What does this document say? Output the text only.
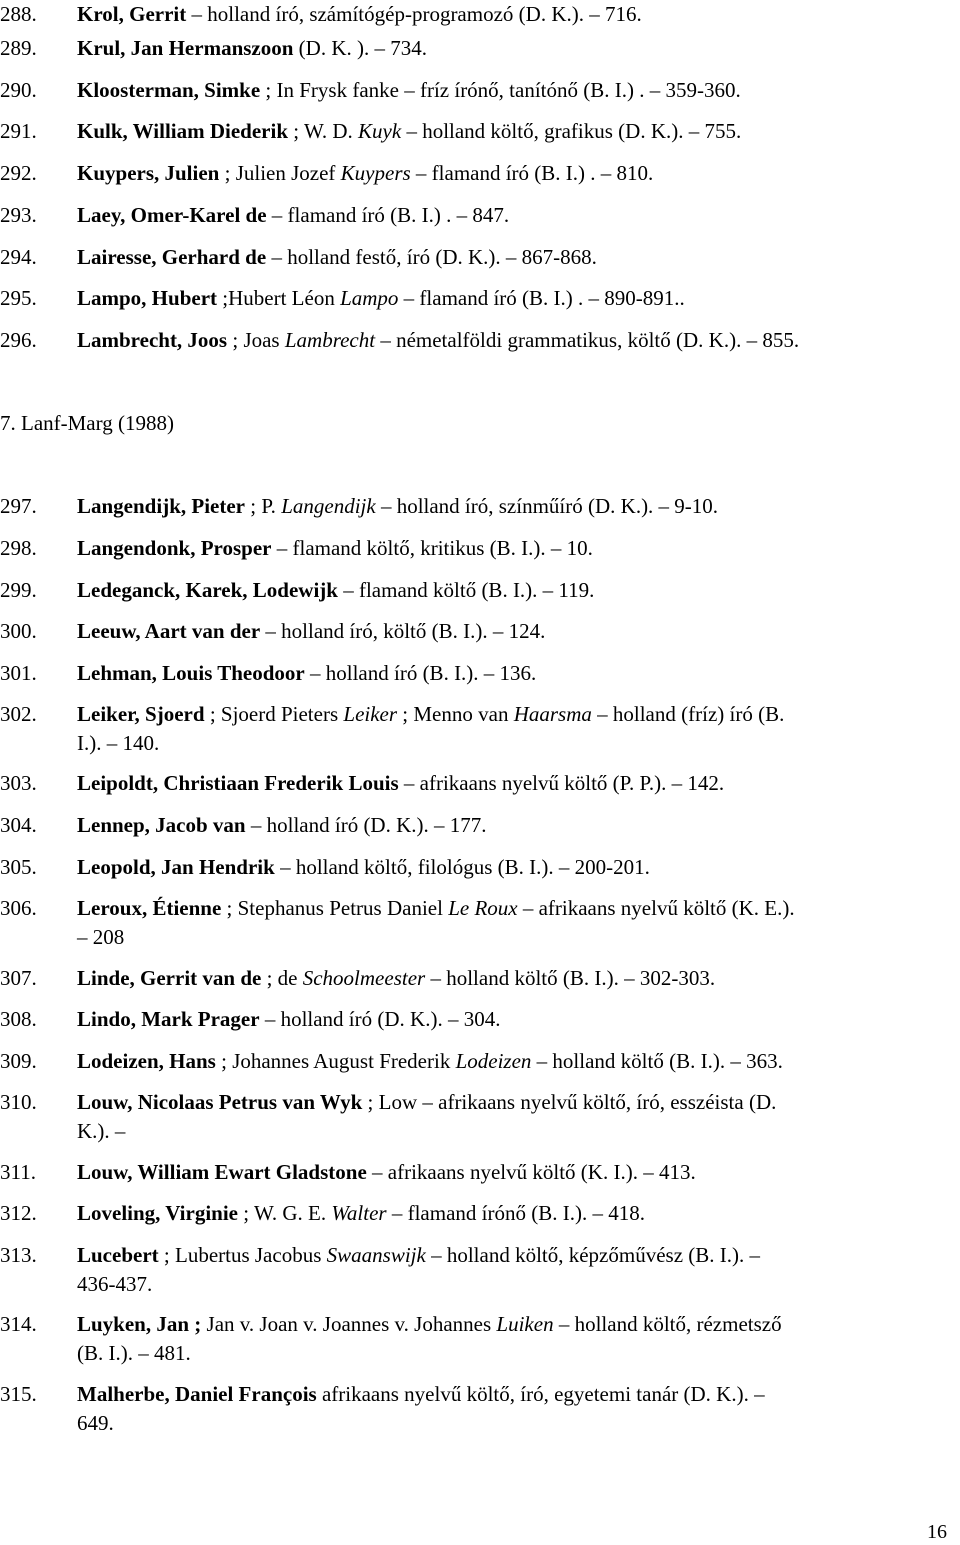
288. Krol, Gerrit – holland író, számítógép-programozó (D. K.). – 716.
289. Krul, Jan Hermanszoon (D. K. ). – 734.
290. Kloosterman, Simke ; In Frysk fanke – fríz írónő, tanítónő (B. I.) . – 359-360.
291. Kulk, William Diederik ; W. D. Kuyk – holland költő, grafikus (D. K.). – 755.
292. Kuypers, Julien ; Julien Jozef Kuypers – flamand író (B. I.) . – 810.
293. Laey, Omer-Karel de – flamand író (B. I.) . – 847.
294. Lairesse, Gerhard de – holland festő, író (D. K.). – 867-868.
295. Lampo, Hubert ;Hubert Léon Lampo – flamand író (B. I.) . – 890-891..
296. Lambrecht, Joos ; Joas Lambrecht – németalföldi grammatikus, költő (D. K.). – 855.
7. Lanf-Marg (1988)
297. Langendijk, Pieter ; P. Langendijk – holland író, színműíró (D. K.). – 9-10.
298. Langendonk, Prosper – flamand költő, kritikus (B. I.). – 10.
299. Ledeganck, Karek, Lodewijk – flamand költő (B. I.). – 119.
300. Leeuw, Aart van der – holland író, költő (B. I.). – 124.
301. Lehman, Louis Theodoor – holland író (B. I.). – 136.
302. Leiker, Sjoerd ; Sjoerd Pieters Leiker ; Menno van Haarsma – holland (fríz) író (B.
I.). – 140.
303. Leipoldt, Christiaan Frederik Louis – afrikaans nyelvű költő (P. P.). – 142.
304. Lennep, Jacob van – holland író (D. K.). – 177.
305. Leopold, Jan Hendrik – holland költő, filológus (B. I.). – 200-201.
306. Leroux, Étienne ; Stephanus Petrus Daniel Le Roux – afrikaans nyelvű költő (K. E.).
– 208
307. Linde, Gerrit van de ; de Schoolmeester – holland költő (B. I.). – 302-303.
308. Lindo, Mark Prager – holland író (D. K.). – 304.
309. Lodeizen, Hans ; Johannes August Frederik Lodeizen – holland költő (B. I.). – 363.
310. Louw, Nicolaas Petrus van Wyk ; Low – afrikaans nyelvű költő, író, esszéista (D.
K.). –
311. Louw, William Ewart Gladstone – afrikaans nyelvű költő (K. I.). – 413.
312. Loveling, Virginie ; W. G. E. Walter – flamand írónő (B. I.). – 418.
313. Lucebert ; Lubertus Jacobus Swaanswijk – holland költő, képzőművész (B. I.). –
436-437.
314. Luyken, Jan ; Jan v. Joan v. Joannes v. Johannes Luiken – holland költő, rézmetsző
(B. I.). – 481.
315. Malherbe, Daniel François afrikaans nyelvű költő, író, egyetemi tanár (D. K.). –
649.
16
